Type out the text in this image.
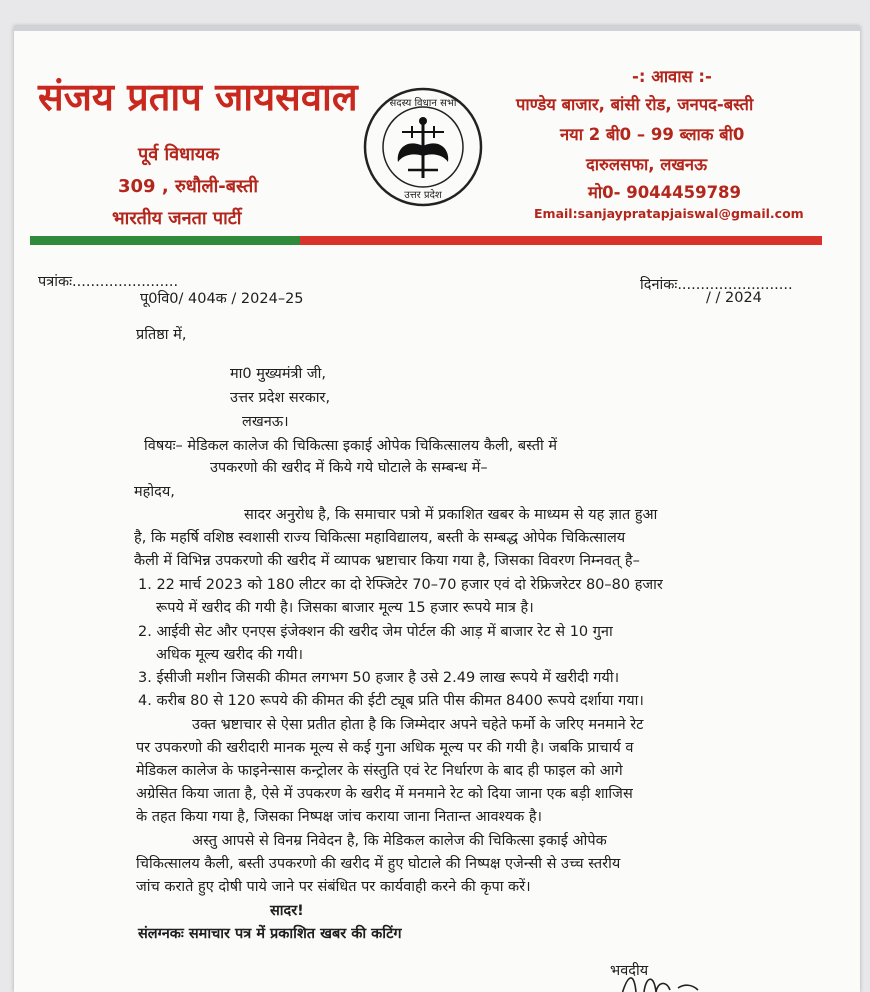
संजय प्रताप जायसवाल
पूर्व विधायक
309 , रुधौली-बस्ती
भारतीय जनता पार्टी
सदस्य विधान सभा
उत्तर प्रदेश
-: आवास :-
पाण्डेय बाजार, बांसी रोड, जनपद-बस्ती
नया 2 बी0 – 99 ब्लाक बी0
दारुलसफा, लखनऊ
मो0- 9044459789
Email:sanjaypratapjaiswal@gmail.com
पत्रांकः.......................
पू0वि0/ 404क / 2024–25
दिनांकः.........................
/ / 2024
प्रतिष्ठा में,
मा0 मुख्यमंत्री जी,
उत्तर प्रदेश सरकार,
लखनऊ।
विषयः– मेडिकल कालेज की चिकित्सा इकाई ओपेक चिकित्सालय कैली, बस्ती में
उपकरणो की खरीद में किये गये घोटाले के सम्बन्ध में–
महोदय,
सादर अनुरोध है, कि समाचार पत्रो में प्रकाशित खबर के माध्यम से यह ज्ञात हुआ
है, कि महर्षि वशिष्ठ स्वशासी राज्य चिकित्सा महाविद्यालय, बस्ती के सम्बद्ध ओपेक चिकित्सालय
कैली में विभिन्न उपकरणो की खरीद में व्यापक भ्रष्टाचार किया गया है, जिसका विवरण निम्नवत् है–
1. 22 मार्च 2023 को 180 लीटर का दो रेफ्जिटेर 70–70 हजार एवं दो रेफ्रिजरेटर 80–80 हजार
रूपये में खरीद की गयी है। जिसका बाजार मूल्य 15 हजार रूपये मात्र है।
2. आईवी सेट और एनएस इंजेक्शन की खरीद जेम पोर्टल की आड़ में बाजार रेट से 10 गुना
अधिक मूल्य खरीद की गयी।
3. ईसीजी मशीन जिसकी कीमत लगभग 50 हजार है उसे 2.49 लाख रूपये में खरीदी गयी।
4. करीब 80 से 120 रूपये की कीमत की ईटी ट्यूब प्रति पीस कीमत 8400 रूपये दर्शाया गया।
उक्त भ्रष्टाचार से ऐसा प्रतीत होता है कि जिम्मेदार अपने चहेते फर्मो के जरिए मनमाने रेट
पर उपकरणो की खरीदारी मानक मूल्य से कई गुना अधिक मूल्य पर की गयी है। जबकि प्राचार्य व
मेडिकल कालेज के फाइनेन्सास कन्ट्रोलर के संस्तुति एवं रेट निर्धारण के बाद ही फाइल को आगे
अग्रेसित किया जाता है, ऐसे में उपकरण के खरीद में मनमाने रेट को दिया जाना एक बड़ी शाजिस
के तहत किया गया है, जिसका निष्पक्ष जांच कराया जाना नितान्त आवश्यक है।
अस्तु आपसे से विनम्र निवेदन है, कि मेडिकल कालेज की चिकित्सा इकाई ओपेक
चिकित्सालय कैली, बस्ती उपकरणो की खरीद में हुए घोटाले की निष्पक्ष एजेन्सी से उच्च स्तरीय
जांच कराते हुए दोषी पाये जाने पर संबंधित पर कार्यवाही करने की कृपा करें।
सादर!
संलग्नकः समाचार पत्र में प्रकाशित खबर की कटिंग
भवदीय
